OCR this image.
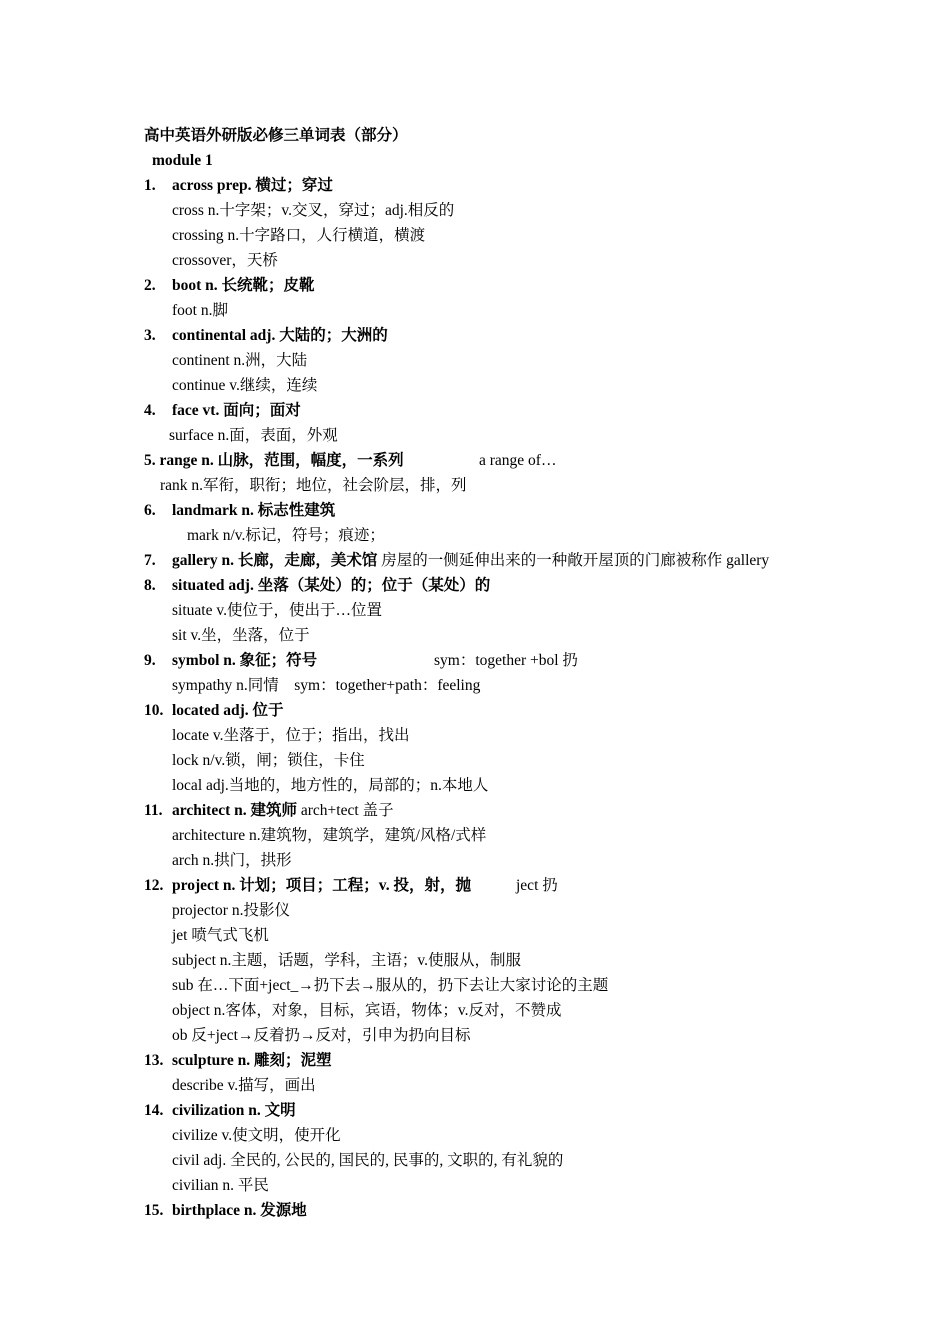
高中英语外研版必修三单词表（部分）
module 1
1. across prep. 横过；穿过
cross n.十字架；v.交叉，穿过；adj.相反的
crossing n.十字路口，人行横道，横渡
crossover，天桥
2. boot n. 长统靴；皮靴
foot n.脚
3. continental adj. 大陆的；大洲的
continent n.洲，大陆
continue v.继续，连续
4. face vt. 面向；面对
surface n.面，表面，外观
5. range n. 山脉，范围，幅度，一系列	a range of…
rank n.军衔，职衔；地位，社会阶层，排，列
6. landmark n. 标志性建筑
mark n/v.标记，符号；痕迹；
7. gallery n. 长廊，走廊，美术馆 房屋的一侧延伸出来的一种敞开屋顶的门廊被称作 gallery
8. situated adj. 坐落（某处）的；位于（某处）的
situate v.使位于，使出于…位置
sit v.坐，坐落，位于
9. symbol n. 象征；符号	sym：together +bol 扔
sympathy n.同情    sym：together+path：feeling
10. located adj. 位于
locate v.坐落于，位于；指出，找出
lock n/v.锁，闸；锁住，卡住
local adj.当地的，地方性的，局部的；n.本地人
11. architect n. 建筑师 arch+tect 盖子
architecture n.建筑物，建筑学，建筑/风格/式样
arch n.拱门，拱形
12. project n. 计划；项目；工程；v. 投，射，抛	ject 扔
projector n.投影仪
jet 喷气式飞机
subject n.主题，话题，学科，主语；v.使服从，制服
sub 在…下面+ject_→扔下去→服从的，扔下去让大家讨论的主题
object n.客体，对象，目标，宾语，物体；v.反对，不赞成
ob 反+ject→反着扔→反对，引申为扔向目标
13. sculpture n. 雕刻；泥塑
describe v.描写，画出
14. civilization n. 文明
civilize v.使文明，使开化
civil adj. 全民的, 公民的, 国民的, 民事的, 文职的, 有礼貌的
civilian n. 平民
15. birthplace n. 发源地
